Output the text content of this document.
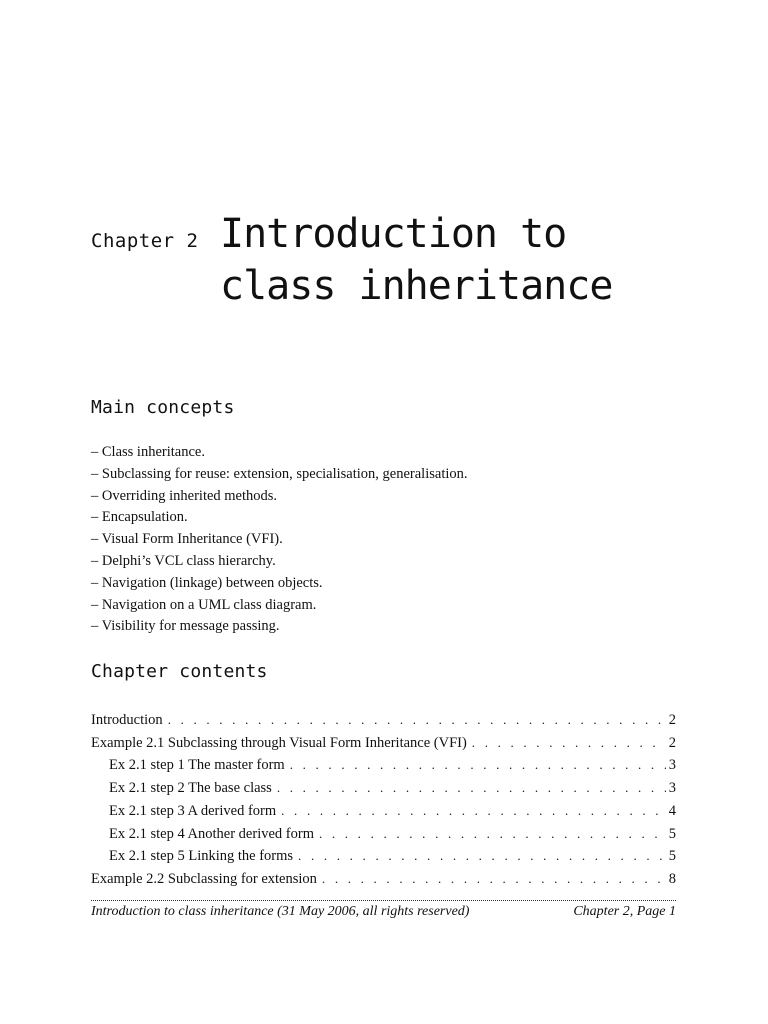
Chapter 2 Introduction to
class inheritance
Main concepts
– Class inheritance.
– Subclassing for reuse: extension, specialisation, generalisation.
– Overriding inherited methods.
– Encapsulation.
– Visual Form Inheritance (VFI).
– Delphi’s VCL class hierarchy.
– Navigation (linkage) between objects.
– Navigation on a UML class diagram.
– Visibility for message passing.
Chapter contents
Introduction . . .	2
Example 2.1 Subclassing through Visual Form Inheritance (VFI) . . .	2
Ex 2.1 step 1 The master form . . .	3
Ex 2.1 step 2 The base class . . .	3
Ex 2.1 step 3 A derived form . . .	4
Ex 2.1 step 4 Another derived form . . .	5
Ex 2.1 step 5 Linking the forms . . .	5
Example 2.2 Subclassing for extension . . .	8
Introduction to class inheritance (31 May 2006, all rights reserved)	Chapter 2, Page 1
